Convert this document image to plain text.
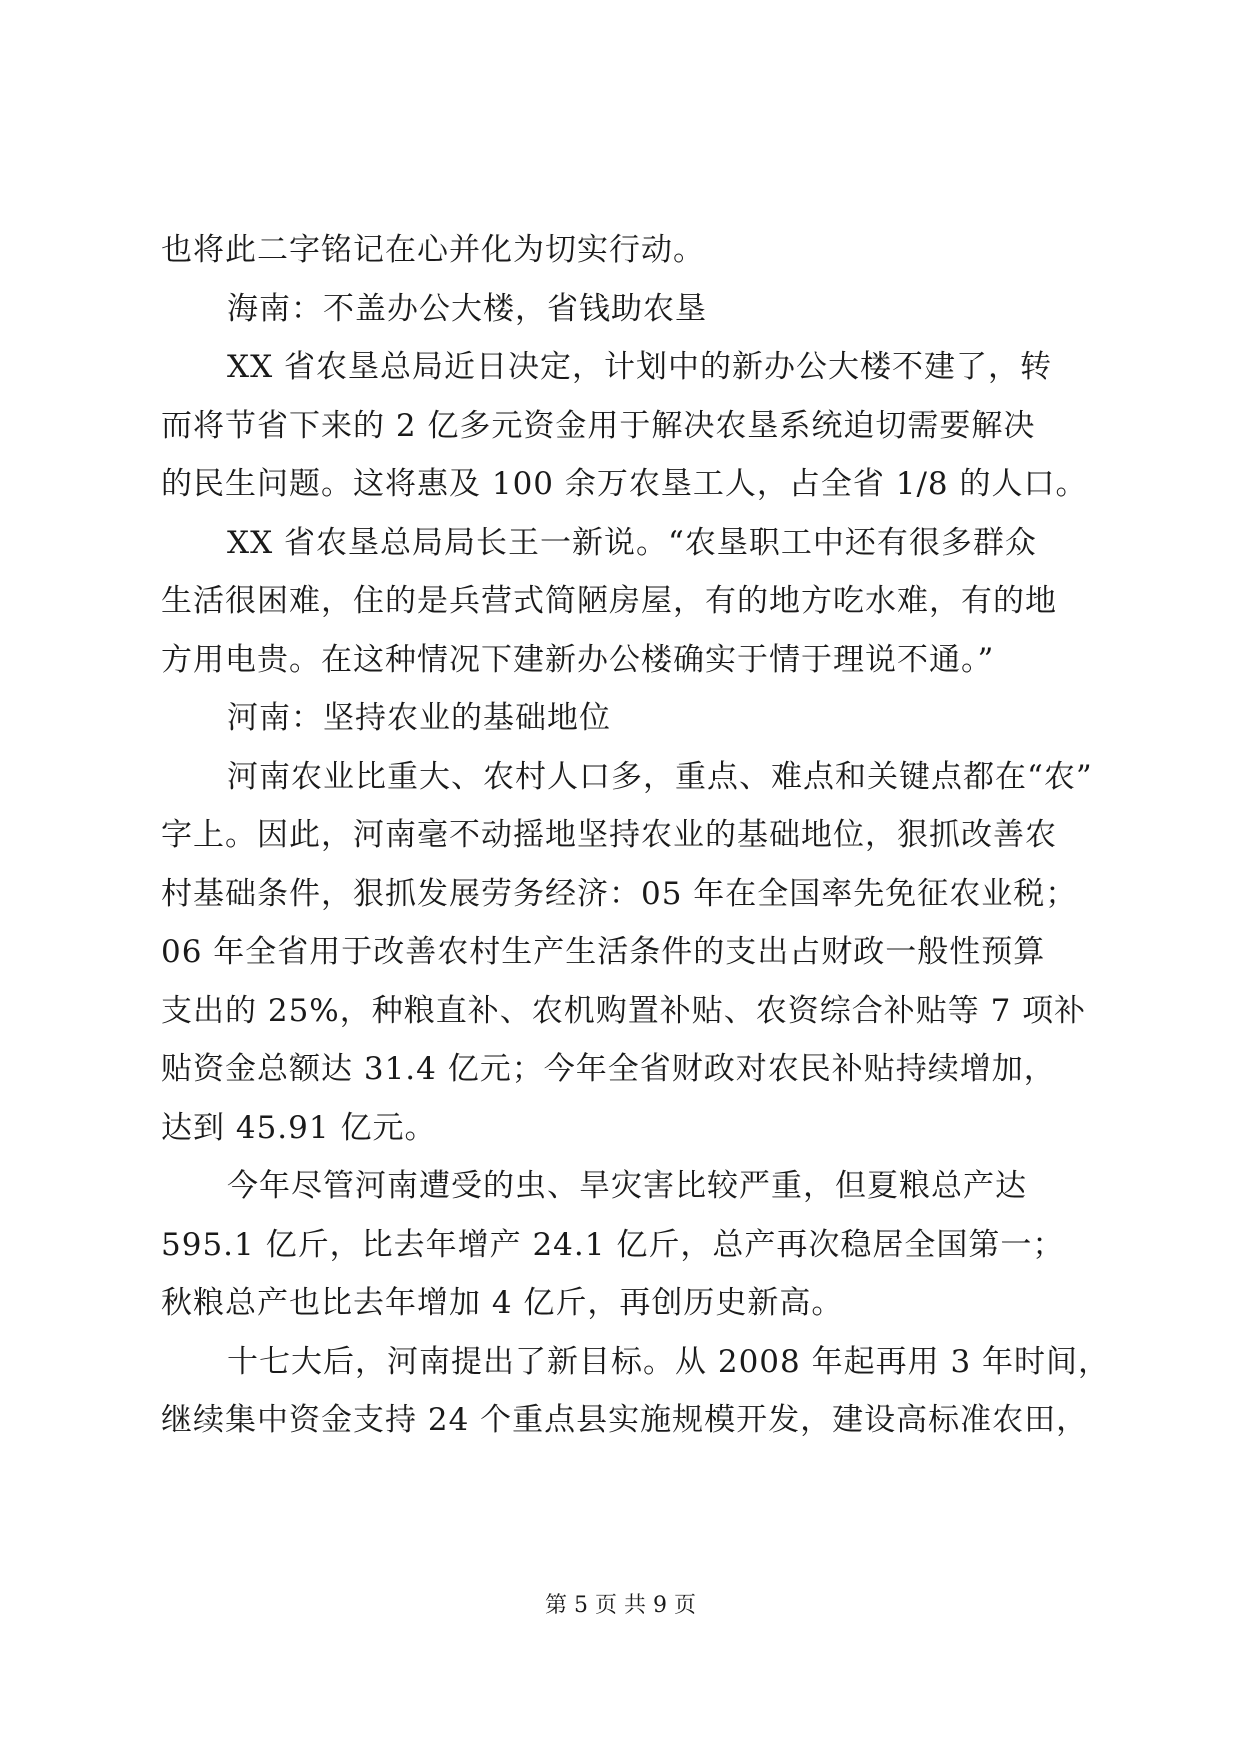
也将此二字铭记在心并化为切实行动。
海南：不盖办公大楼，省钱助农垦
XX 省农垦总局近日决定，计划中的新办公大楼不建了，转
而将节省下来的 2 亿多元资金用于解决农垦系统迫切需要解决
的民生问题。这将惠及 100 余万农垦工人，占全省 1/8 的人口。
XX 省农垦总局局长王一新说。“农垦职工中还有很多群众
生活很困难，住的是兵营式简陋房屋，有的地方吃水难，有的地
方用电贵。在这种情况下建新办公楼确实于情于理说不通。”
河南：坚持农业的基础地位
河南农业比重大、农村人口多，重点、难点和关键点都在“农”
字上。因此，河南毫不动摇地坚持农业的基础地位，狠抓改善农
村基础条件，狠抓发展劳务经济：05 年在全国率先免征农业税；
06 年全省用于改善农村生产生活条件的支出占财政一般性预算
支出的 25%，种粮直补、农机购置补贴、农资综合补贴等 7 项补
贴资金总额达 31.4 亿元；今年全省财政对农民补贴持续增加，
达到 45.91 亿元。
今年尽管河南遭受的虫、旱灾害比较严重，但夏粮总产达
595.1 亿斤，比去年增产 24.1 亿斤，总产再次稳居全国第一；
秋粮总产也比去年增加 4 亿斤，再创历史新高。
十七大后，河南提出了新目标。从 2008 年起再用 3 年时间，
继续集中资金支持 24 个重点县实施规模开发，建设高标准农田，
第 5 页 共 9 页
